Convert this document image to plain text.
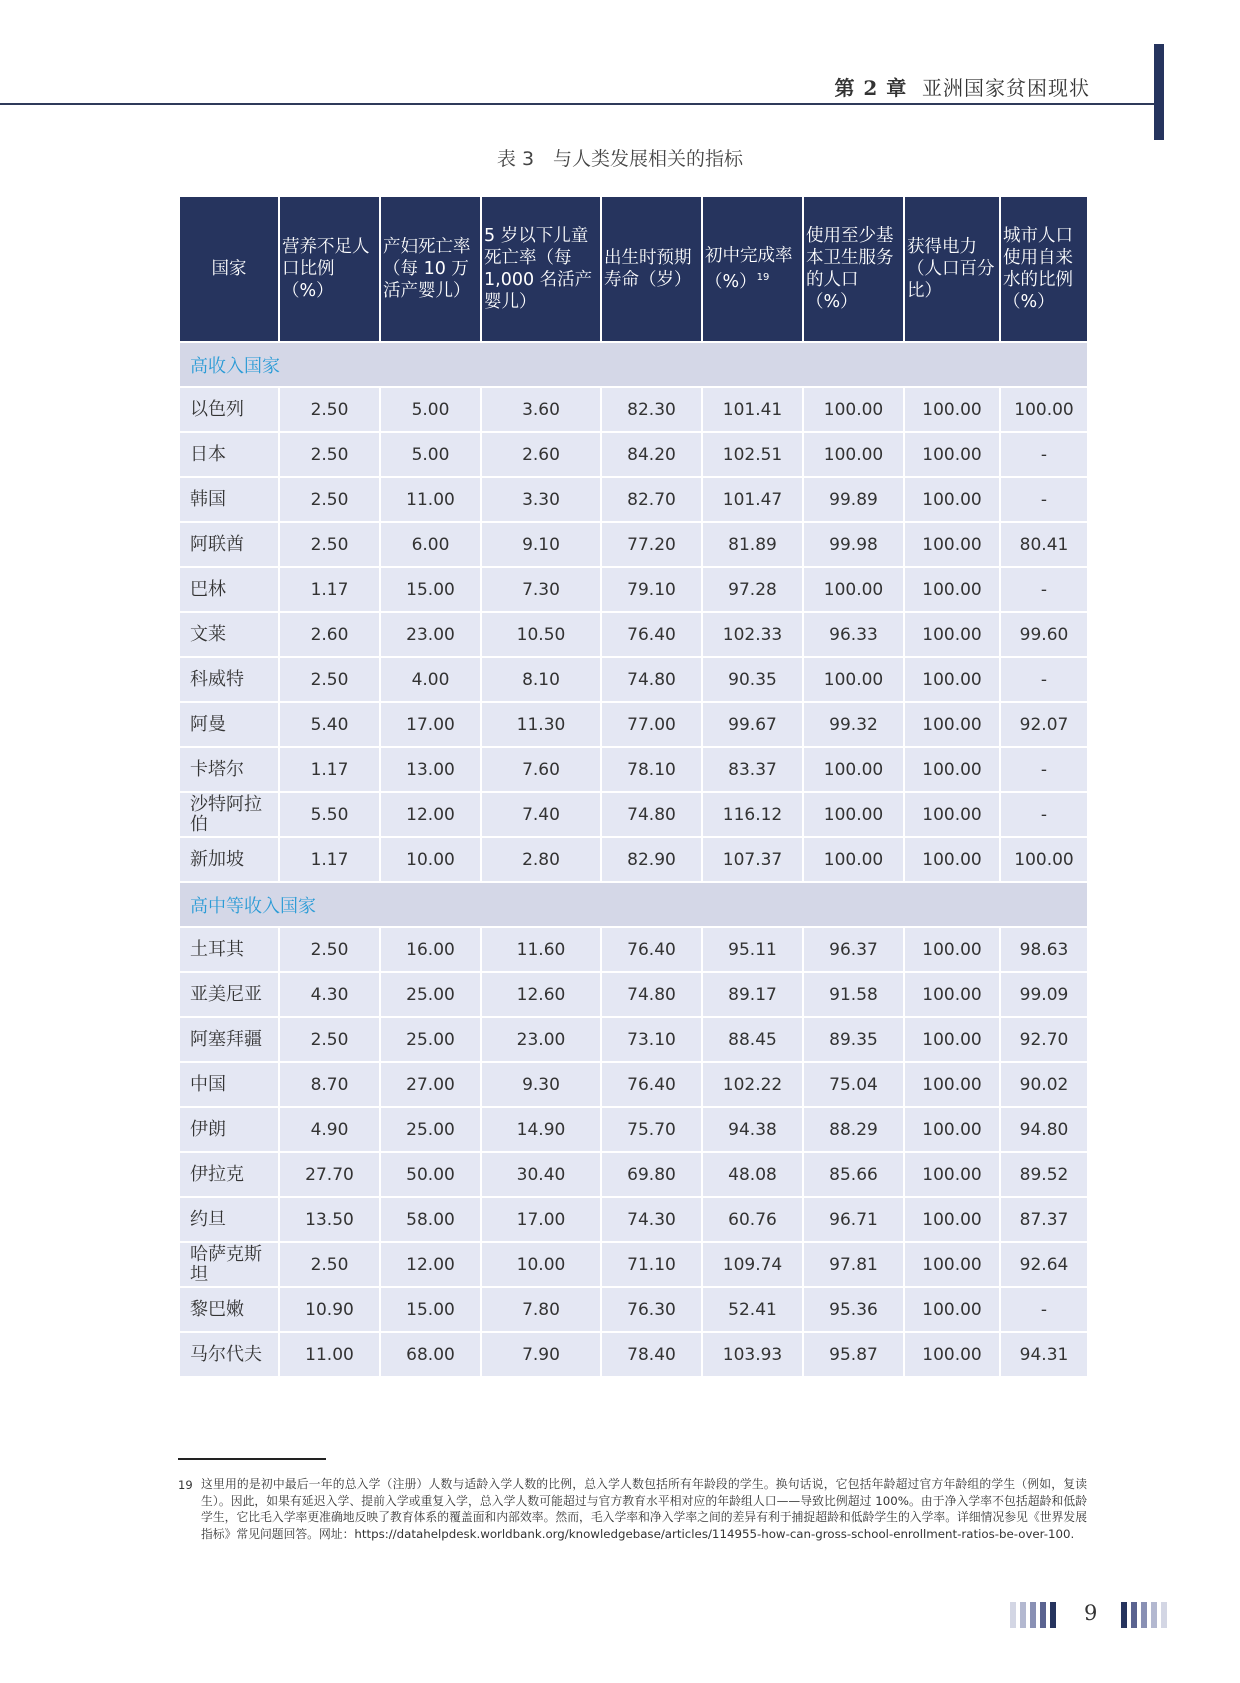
第 2 章 亚洲国家贫困现状
表 3　与人类发展相关的指标
国家	营养不足人口比例（%）	产妇死亡率（每 10 万活产婴儿）	5 岁以下儿童死亡率（每 1,000 名活产婴儿）	出生时预期寿命（岁）	初中完成率（%）$^{19}$	使用至少基本卫生服务的人口（%）	获得电力（人口百分比）	城市人口使用自来水的比例（%）
高收入国家								
以色列	2.50	5.00	3.60	82.30	101.41	100.00	100.00	100.00
日本	2.50	5.00	2.60	84.20	102.51	100.00	100.00	-
韩国	2.50	11.00	3.30	82.70	101.47	99.89	100.00	-
阿联酋	2.50	6.00	9.10	77.20	81.89	99.98	100.00	80.41
巴林	1.17	15.00	7.30	79.10	97.28	100.00	100.00	-
文莱	2.60	23.00	10.50	76.40	102.33	96.33	100.00	99.60
科威特	2.50	4.00	8.10	74.80	90.35	100.00	100.00	-
阿曼	5.40	17.00	11.30	77.00	99.67	99.32	100.00	92.07
卡塔尔	1.17	13.00	7.60	78.10	83.37	100.00	100.00	-
沙特阿拉伯	5.50	12.00	7.40	74.80	116.12	100.00	100.00	-
新加坡	1.17	10.00	2.80	82.90	107.37	100.00	100.00	100.00
高中等收入国家								
土耳其	2.50	16.00	11.60	76.40	95.11	96.37	100.00	98.63
亚美尼亚	4.30	25.00	12.60	74.80	89.17	91.58	100.00	99.09
阿塞拜疆	2.50	25.00	23.00	73.10	88.45	89.35	100.00	92.70
中国	8.70	27.00	9.30	76.40	102.22	75.04	100.00	90.02
伊朗	4.90	25.00	14.90	75.70	94.38	88.29	100.00	94.80
伊拉克	27.70	50.00	30.40	69.80	48.08	85.66	100.00	89.52
约旦	13.50	58.00	17.00	74.30	60.76	96.71	100.00	87.37
哈萨克斯坦	2.50	12.00	10.00	71.10	109.74	97.81	100.00	92.64
黎巴嫩	10.90	15.00	7.80	76.30	52.41	95.36	100.00	-
马尔代夫	11.00	68.00	7.90	78.40	103.93	95.87	100.00	94.31
19 这里用的是初中最后一年的总入学（注册）人数与适龄入学人数的比例，总入学人数包括所有年龄段的学生。换句话说，它包括年龄超过官方年龄组的学生（例如，复读生）。因此，如果有延迟入学、提前入学或重复入学，总入学人数可能超过与官方教育水平相对应的年龄组人口——导致比例超过 100%。由于净入学率不包括超龄和低龄学生，它比毛入学率更准确地反映了教育体系的覆盖面和内部效率。然而，毛入学率和净入学率之间的差异有利于捕捉超龄和低龄学生的入学率。详细情况参见《世界发展指标》常见问题回答。网址：https://datahelpdesk.worldbank.org/knowledgebase/articles/114955-how-can-gross-school-enrollment-ratios-be-over-100.
9
